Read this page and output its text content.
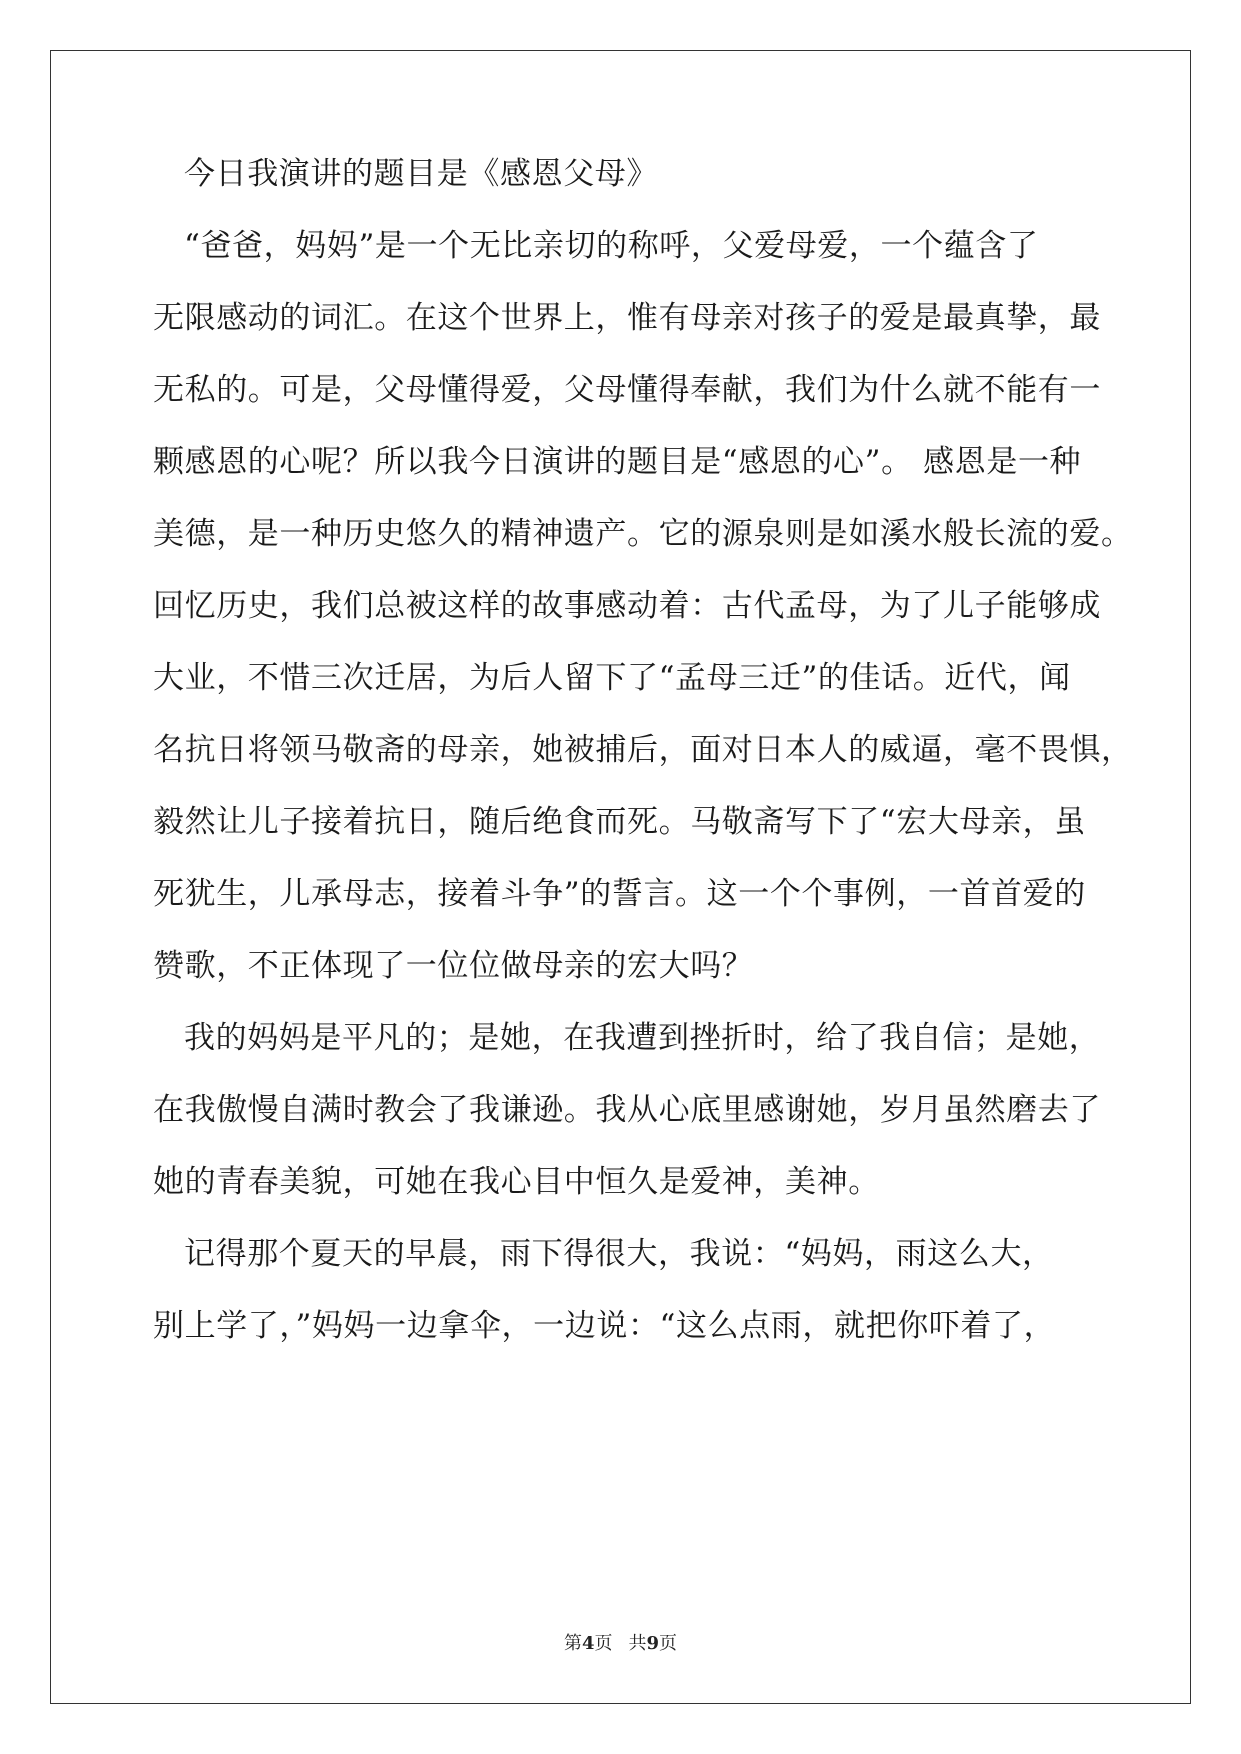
今日我演讲的题目是《感恩父母》
“爸爸，妈妈”是一个无比亲切的称呼，父爱母爱，一个蕴含了
无限感动的词汇。在这个世界上，惟有母亲对孩子的爱是最真挚，最
无私的。可是，父母懂得爱，父母懂得奉献，我们为什么就不能有一
颗感恩的心呢？所以我今日演讲的题目是“感恩的心”。 感恩是一种
美德，是一种历史悠久的精神遗产。它的源泉则是如溪水般长流的爱。
回忆历史，我们总被这样的故事感动着：古代孟母，为了儿子能够成
大业，不惜三次迁居，为后人留下了“孟母三迁”的佳话。近代，闻
名抗日将领马敬斋的母亲，她被捕后，面对日本人的威逼，毫不畏惧，
毅然让儿子接着抗日，随后绝食而死。马敬斋写下了“宏大母亲，虽
死犹生，儿承母志，接着斗争”的誓言。这一个个事例，一首首爱的
赞歌，不正体现了一位位做母亲的宏大吗？
我的妈妈是平凡的；是她，在我遭到挫折时，给了我自信；是她，
在我傲慢自满时教会了我谦逊。我从心底里感谢她，岁月虽然磨去了
她的青春美貌，可她在我心目中恒久是爱神，美神。
记得那个夏天的早晨，雨下得很大，我说：“妈妈，雨这么大，
别上学了，”妈妈一边拿伞，一边说：“这么点雨，就把你吓着了，
第4页 共9页
